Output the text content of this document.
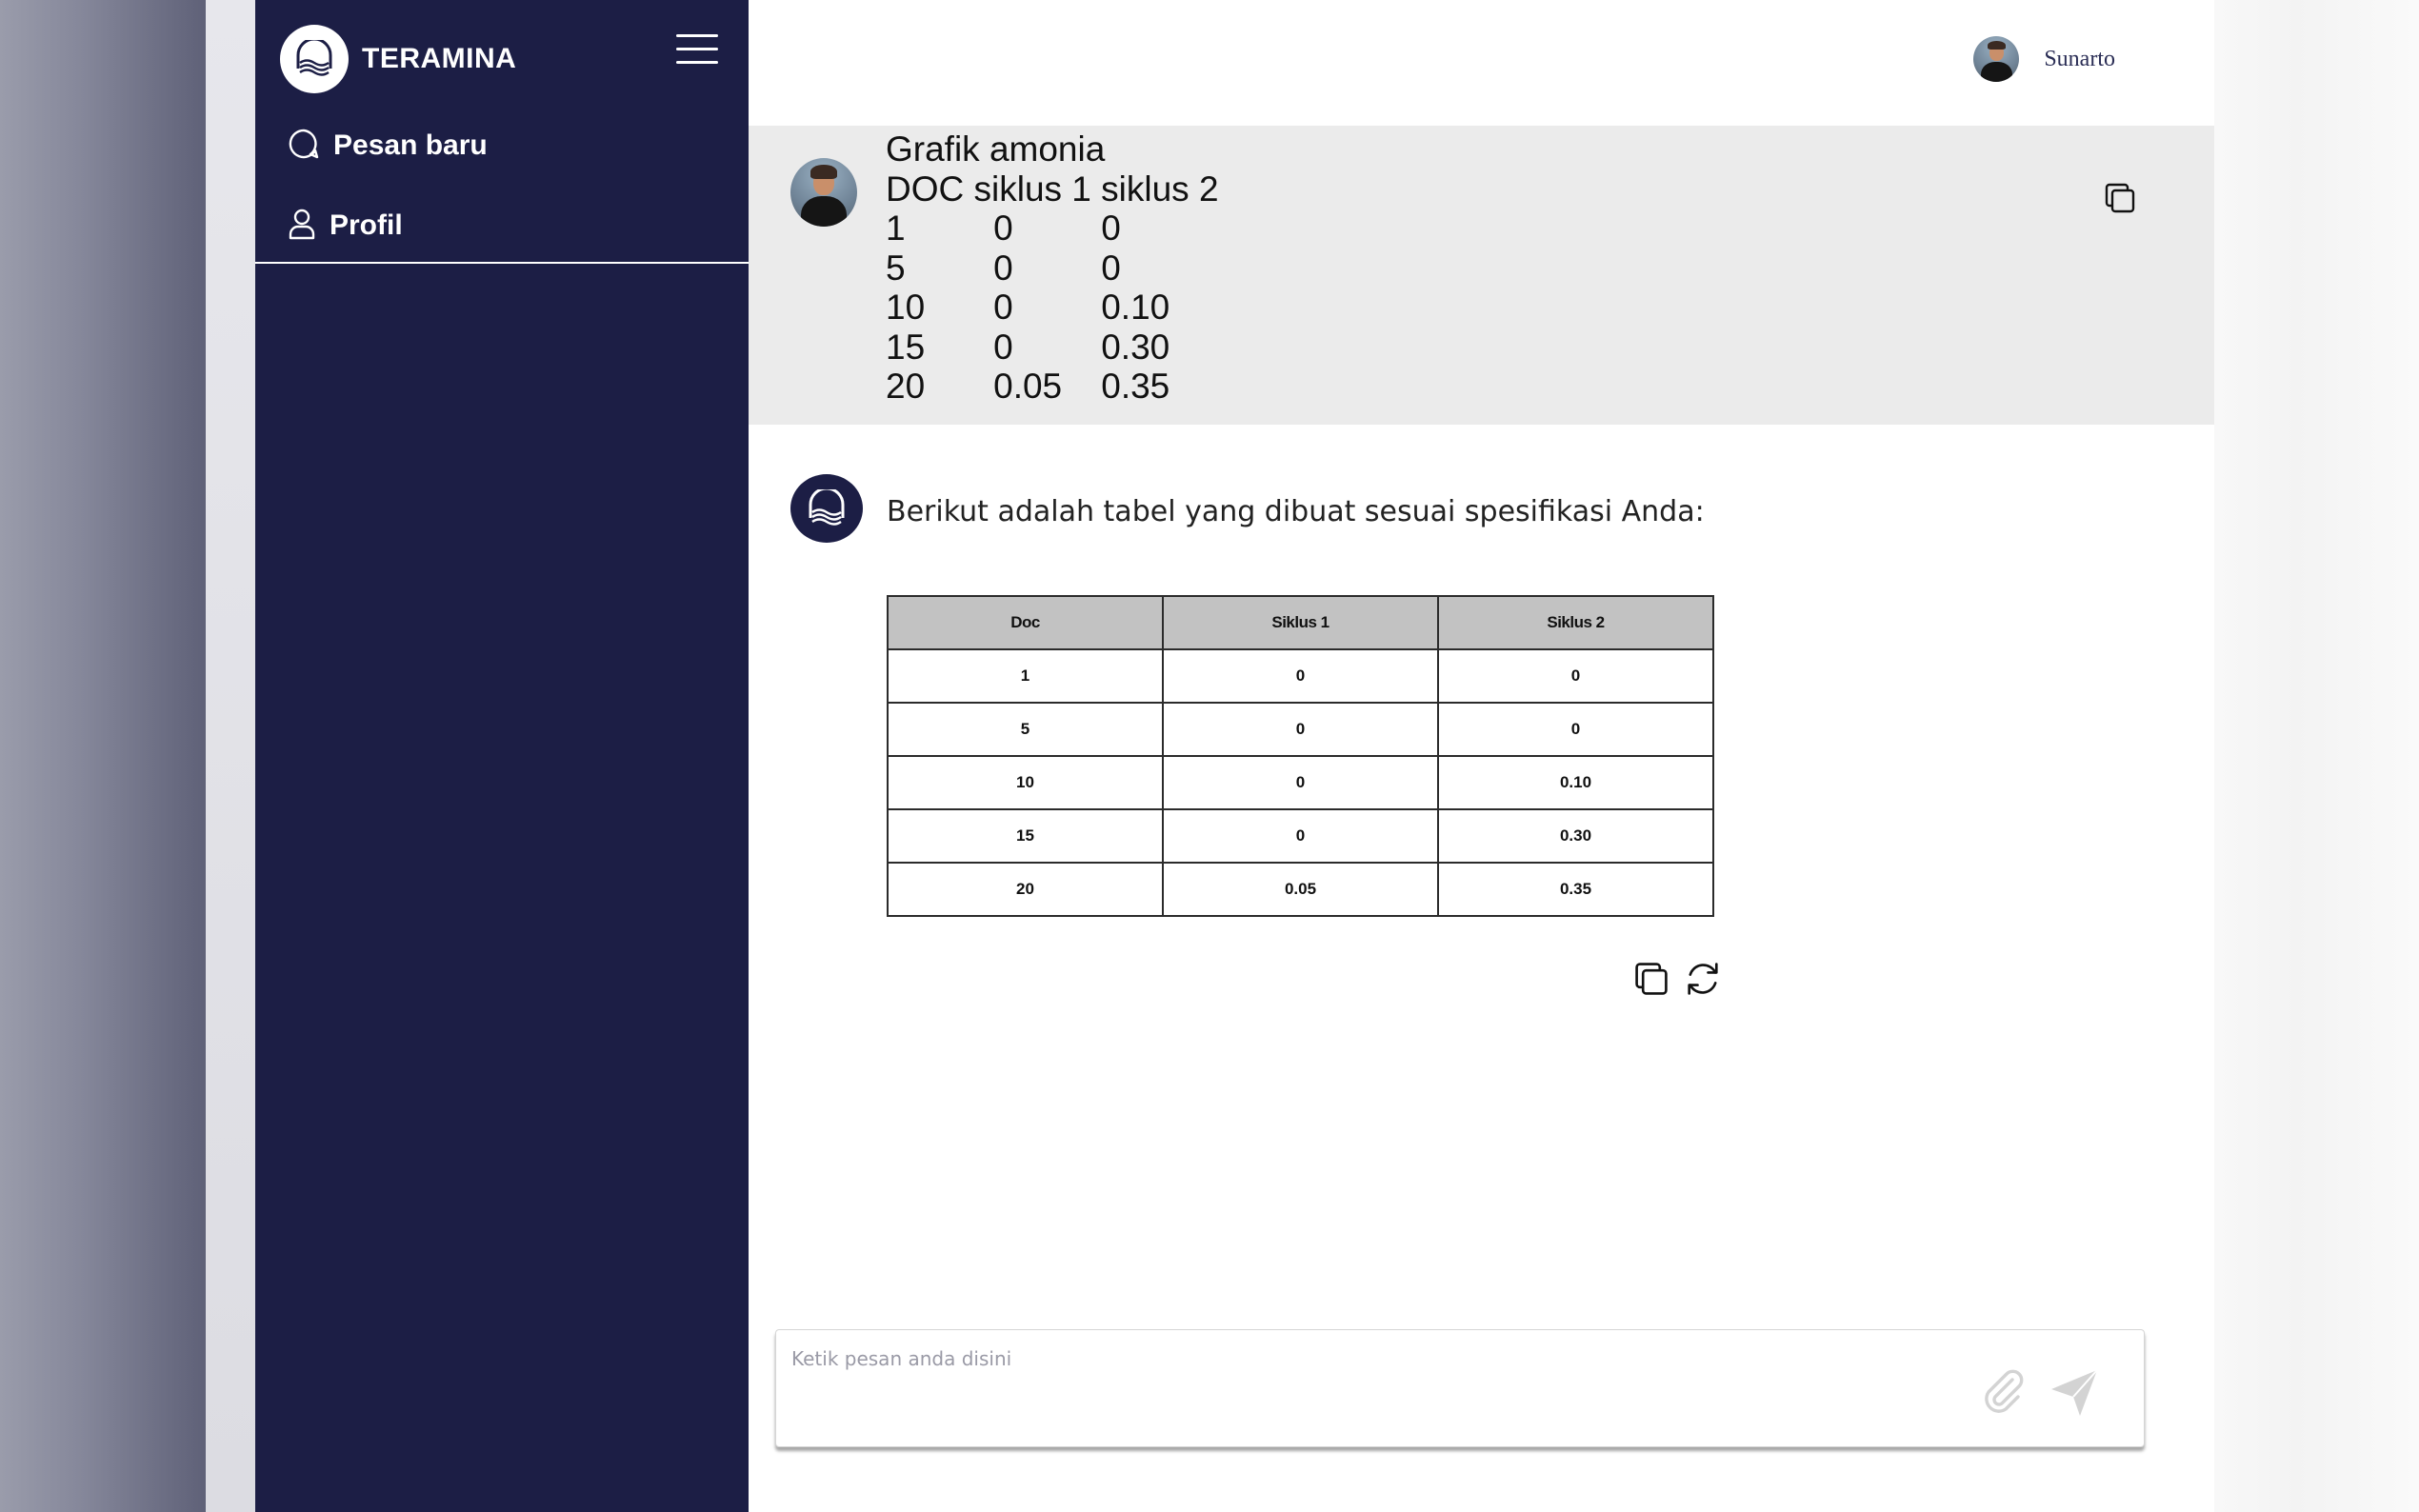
TERAMINA
Pesan baru
Profil
Sunarto
Grafik amonia
DOC siklus 1 siklus 2
1         0         0
5         0         0
10       0         0.10
15       0         0.30
20       0.05    0.35
Berikut adalah tabel yang dibuat sesuai spesifikasi Anda:
Doc	Siklus 1	Siklus 2
1	0	0
5	0	0
10	0	0.10
15	0	0.30
20	0.05	0.35
Ketik pesan anda disini
